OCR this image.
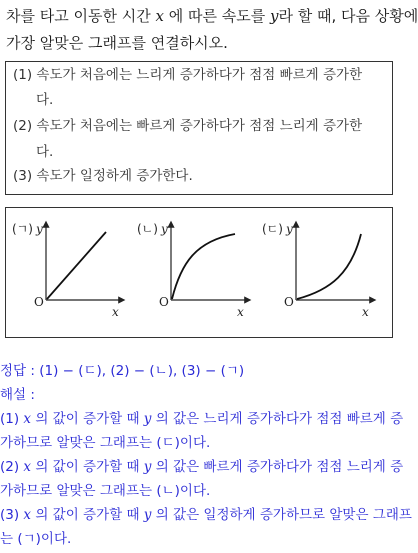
차를 타고 이동한 시간 x 에 따른 속도를 y라 할 때, 다음 상황에
가장 알맞은 그래프를 연결하시오.
(1) 속도가 처음에는 느리게 증가하다가 점점 빠르게 증가한
다.
(2) 속도가 처음에는 빠르게 증가하다가 점점 느리게 증가한
다.
(3) 속도가 일정하게 증가한다.
(ㄱ) y
x
O
(ㄴ) y
x
O
(ㄷ) y
x
O
정답 : (1) − (ㄷ), (2) − (ㄴ), (3) − (ㄱ)
해설 :
(1) x 의 값이 증가할 때 y 의 값은 느리게 증가하다가 점점 빠르게 증
가하므로 알맞은 그래프는 (ㄷ)이다.
(2) x 의 값이 증가할 때 y 의 값은 빠르게 증가하다가 점점 느리게 증
가하므로 알맞은 그래프는 (ㄴ)이다.
(3) x 의 값이 증가할 때 y 의 값은 일정하게 증가하므로 알맞은 그래프
는 (ㄱ)이다.
